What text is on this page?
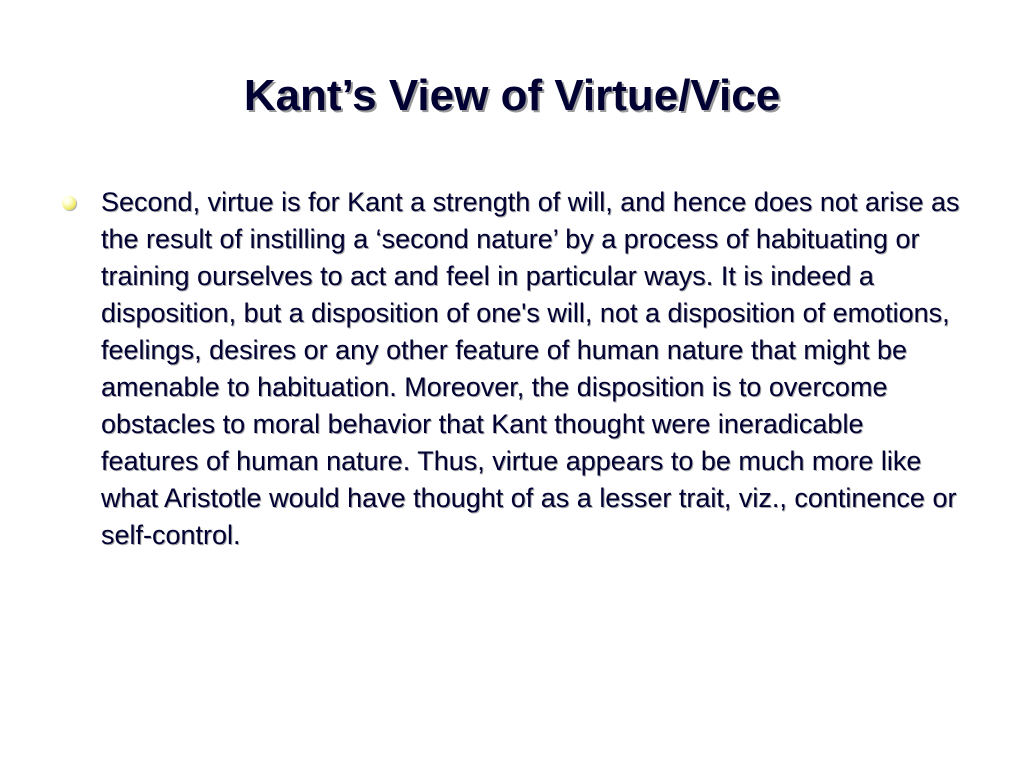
Kant’s View of Virtue/Vice

Second, virtue is for Kant a strength of will, and hence does not arise as the result of instilling a ‘second nature’ by a process of habituating or training ourselves to act and feel in particular ways. It is indeed a disposition, but a disposition of one's will, not a disposition of emotions, feelings, desires or any other feature of human nature that might be amenable to habituation. Moreover, the disposition is to overcome obstacles to moral behavior that Kant thought were ineradicable features of human nature. Thus, virtue appears to be much more like what Aristotle would have thought of as a lesser trait, viz., continence or self-control.
